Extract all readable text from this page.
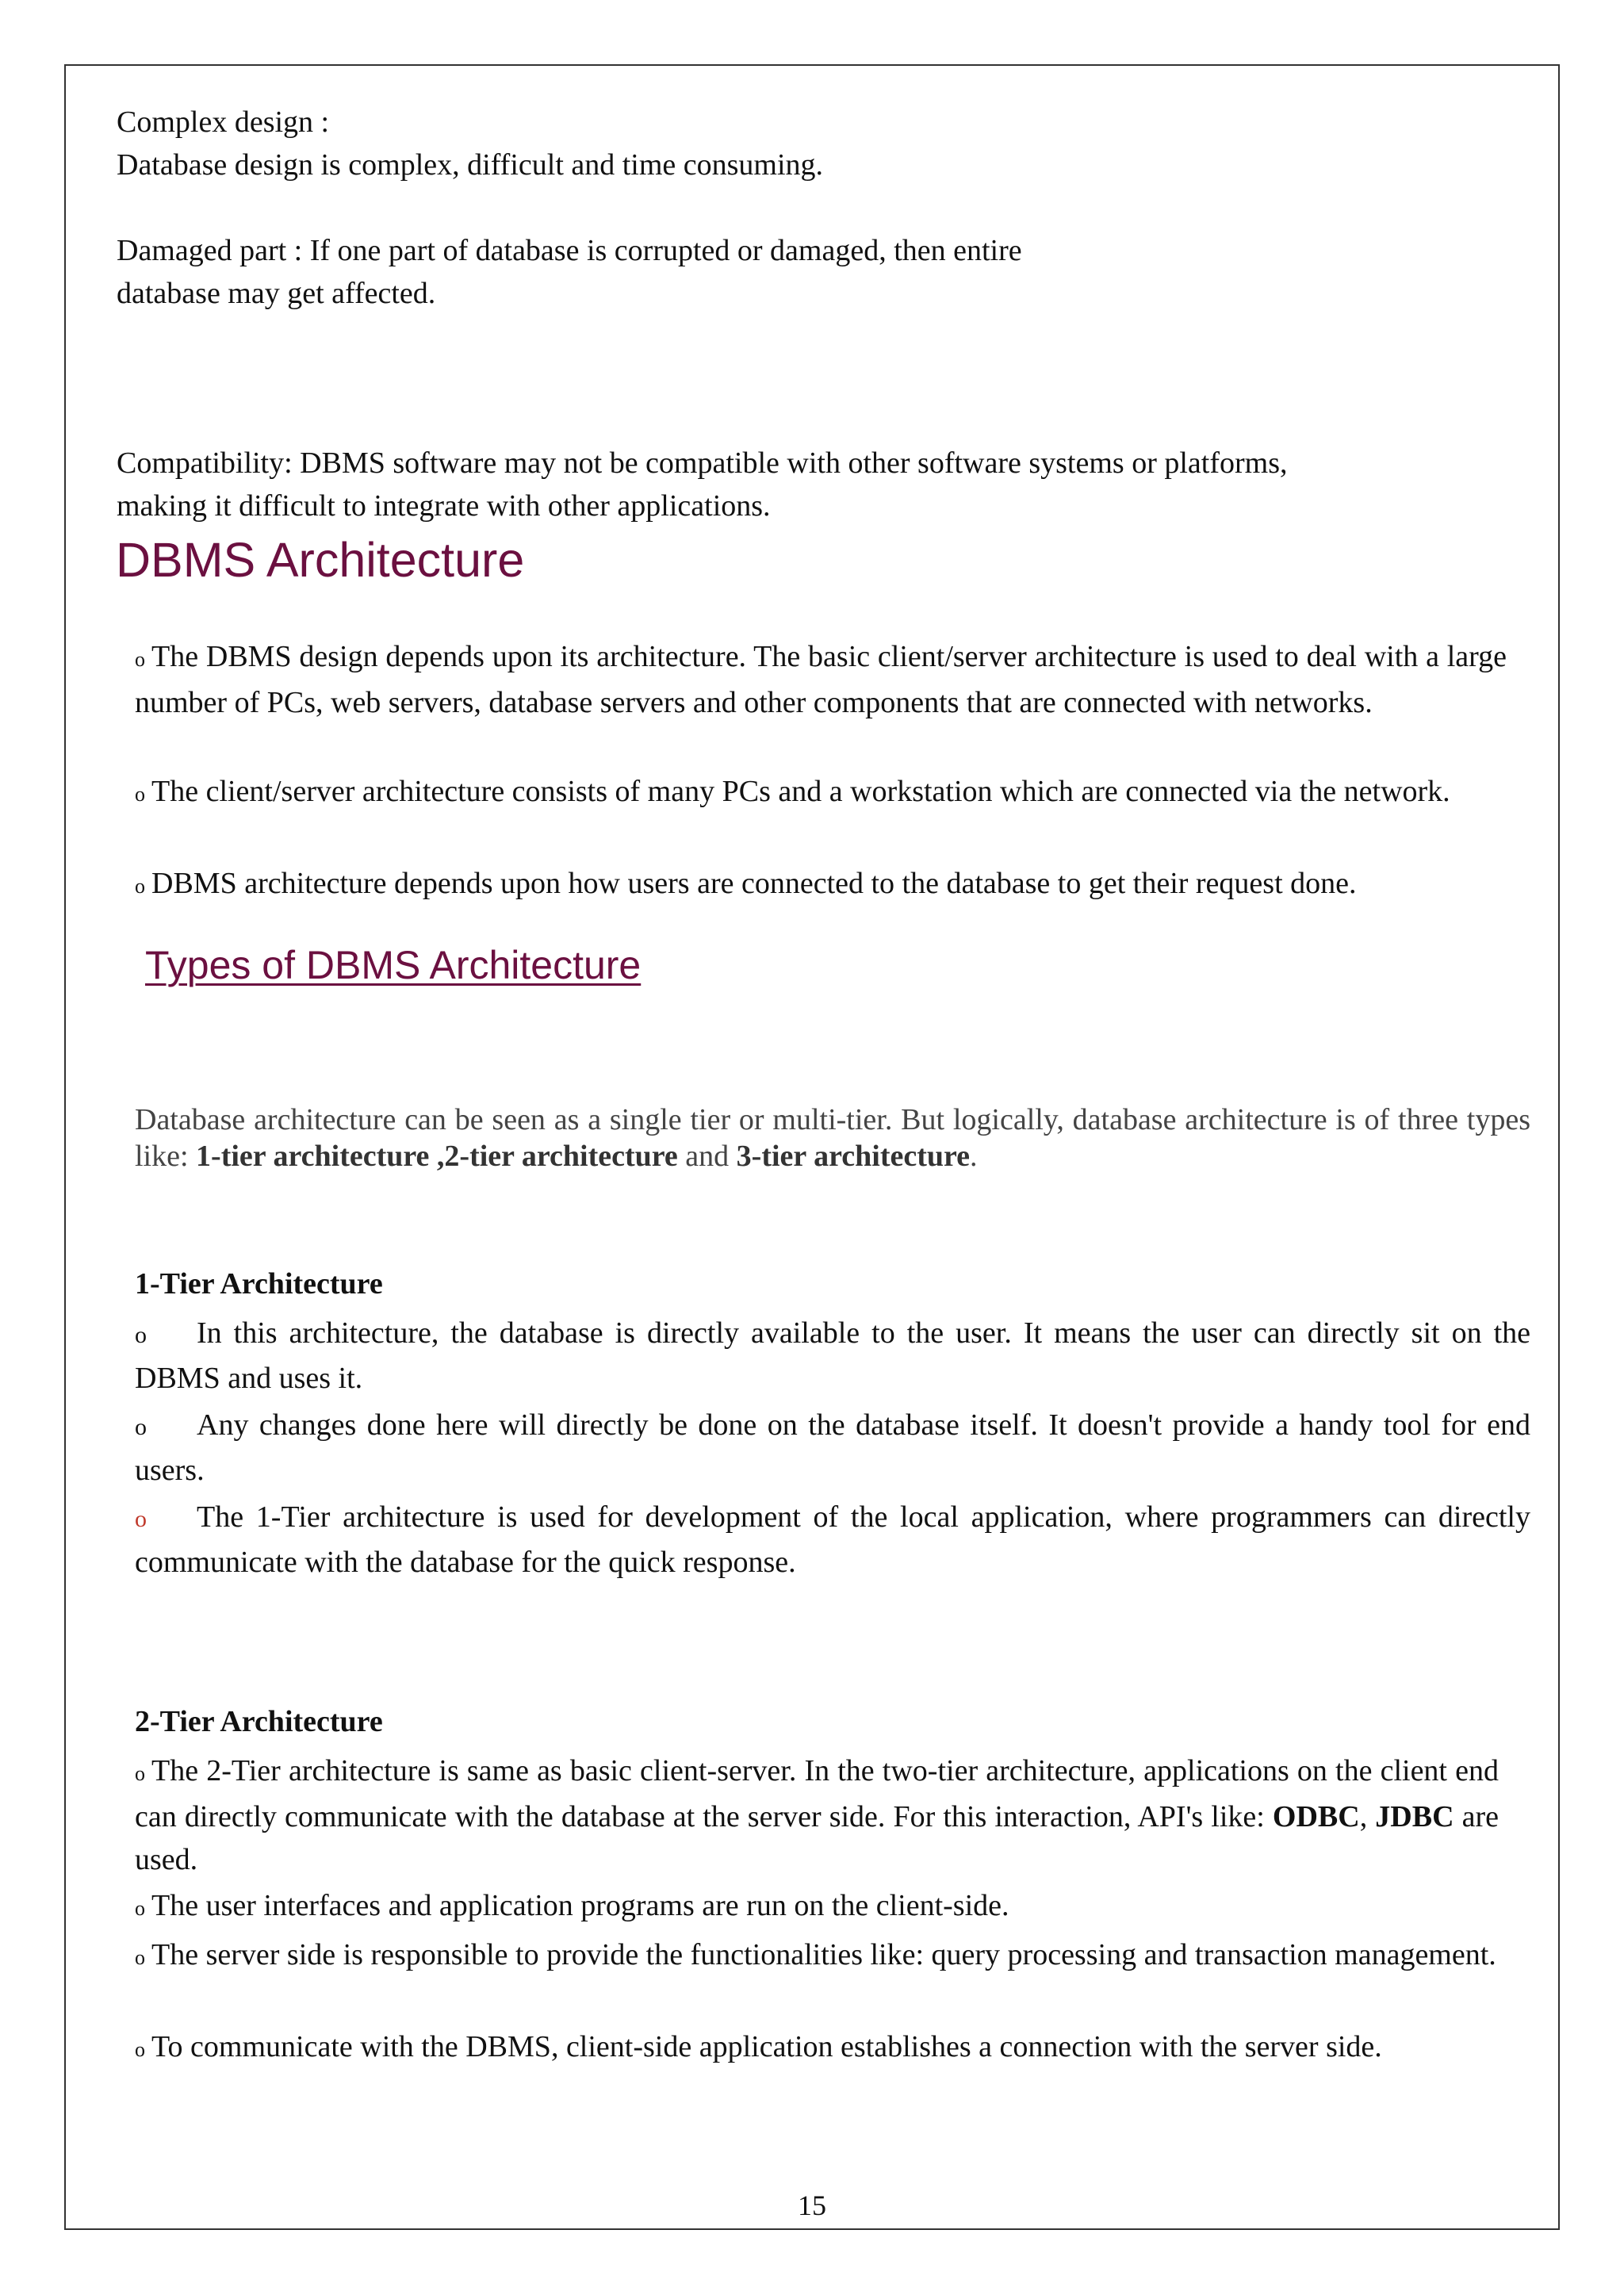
Complex design :
Database design is complex, difficult and time consuming.
Damaged part : If one part of database is corrupted or damaged, then entire
database may get affected.
Compatibility: DBMS software may not be compatible with other software systems or platforms,
making it difficult to integrate with other applications.
DBMS Architecture
o The DBMS design depends upon its architecture. The basic client/server architecture is used to deal with a large number of PCs, web servers, database servers and other components that are connected with networks.
o The client/server architecture consists of many PCs and a workstation which are connected via the network.
o DBMS architecture depends upon how users are connected to the database to get their request done.
Types of DBMS Architecture
Database architecture can be seen as a single tier or multi-tier. But logically, database architecture is of three types like: 1-tier architecture ,2-tier architecture and 3-tier architecture.
1-Tier Architecture
o In this architecture, the database is directly available to the user. It means the user can directly sit on the DBMS and uses it.
o Any changes done here will directly be done on the database itself. It doesn't provide a handy tool for end users.
o The 1-Tier architecture is used for development of the local application, where programmers can directly communicate with the database for the quick response.
2-Tier Architecture
o The 2-Tier architecture is same as basic client-server. In the two-tier architecture, applications on the client end can directly communicate with the database at the server side. For this interaction, API's like: ODBC, JDBC are used.
o The user interfaces and application programs are run on the client-side.
o The server side is responsible to provide the functionalities like: query processing and transaction management.
o To communicate with the DBMS, client-side application establishes a connection with the server side.
15
